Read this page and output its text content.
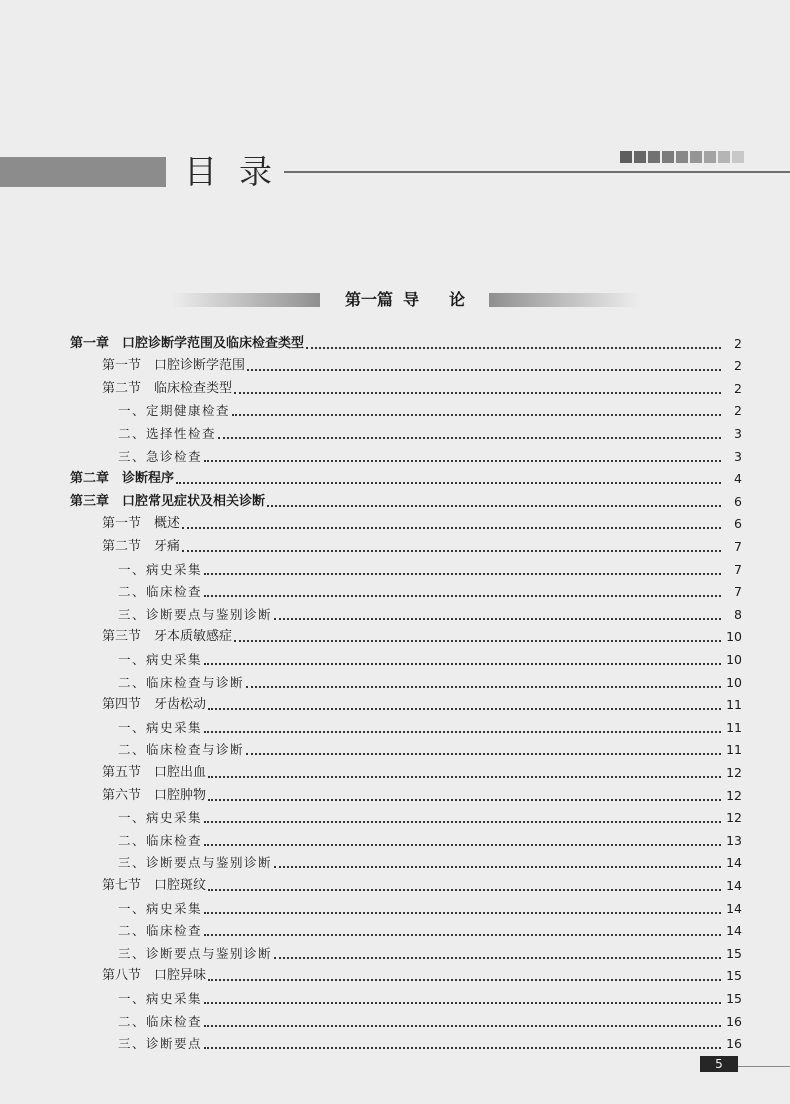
目录
第一篇 导 论
第一章　口腔诊断学范围及临床检查类型	2
第一节　口腔诊断学范围	2
第二节　临床检查类型	2
一、定期健康检查	2
二、选择性检查	3
三、急诊检查	3
第二章　诊断程序	4
第三章　口腔常见症状及相关诊断	6
第一节　概述	6
第二节　牙痛	7
一、病史采集	7
二、临床检查	7
三、诊断要点与鉴别诊断	8
第三节　牙本质敏感症	10
一、病史采集	10
二、临床检查与诊断	10
第四节　牙齿松动	11
一、病史采集	11
二、临床检查与诊断	11
第五节　口腔出血	12
第六节　口腔肿物	12
一、病史采集	12
二、临床检查	13
三、诊断要点与鉴别诊断	14
第七节　口腔斑纹	14
一、病史采集	14
二、临床检查	14
三、诊断要点与鉴别诊断	15
第八节　口腔异味	15
一、病史采集	15
二、临床检查	16
三、诊断要点	16
5
